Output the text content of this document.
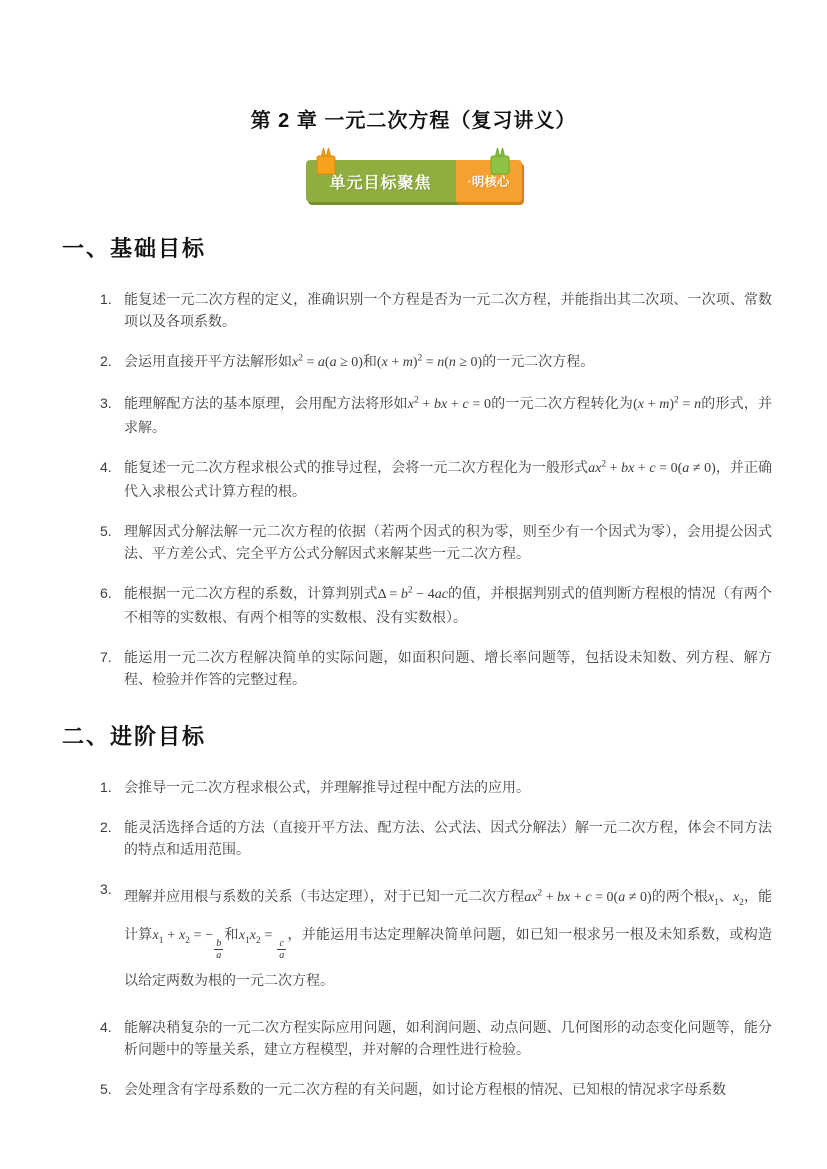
第 2 章 一元二次方程（复习讲义）
单元目标聚焦	·明核心
一、基础目标
1. 能复述一元二次方程的定义，准确识别一个方程是否为一元二次方程，并能指出其二次项、一次项、常数项以及各项系数。
2. 会运用直接开平方法解形如$x^2 = a(a \ge 0)$和$(x + m)^2 = n(n \ge 0)$的一元二次方程。
3. 能理解配方法的基本原理，会用配方法将形如$x^2$ + bx + c = 0的一元二次方程转化为$(x + m)^2 = n$的形式，并求解。
4. 能复述一元二次方程求根公式的推导过程，会将一元二次方程化为一般形式$ax^2$ + bx + c = 0(a ≠ 0)，并正确代入求根公式计算方程的根。
5. 理解因式分解法解一元二次方程的依据（若两个因式的积为零，则至少有一个因式为零），会用提公因式法、平方差公式、完全平方公式分解因式来解某些一元二次方程。
6. 能根据一元二次方程的系数，计算判别式$\Delta = b^2 - 4ac$的值，并根据判别式的值判断方程根的情况（有两个不相等的实数根、有两个相等的实数根、没有实数根）。
7. 能运用一元二次方程解决简单的实际问题，如面积问题、增长率问题等，包括设未知数、列方程、解方程、检验并作答的完整过程。
二、进阶目标
1. 会推导一元二次方程求根公式，并理解推导过程中配方法的应用。
2. 能灵活选择合适的方法（直接开平方法、配方法、公式法、因式分解法）解一元二次方程，体会不同方法的特点和适用范围。
3. 理解并应用根与系数的关系（韦达定理），对于已知一元二次方程$ax^2$ + bx + c = 0(a ≠ 0)的两个根$x_1$、$x_2$，能计算$x_1 + x_2$ = −
$\frac{b}{a}$
和$x_1x_2$ =
$\frac{c}{a}$
，并能运用韦达定理解决简单问题，如已知一根求另一根及未知系数，或构造以给定两数为根的一元二次方程。
4. 能解决稍复杂的一元二次方程实际应用问题，如利润问题、动点问题、几何图形的动态变化问题等，能分析问题中的等量关系，建立方程模型，并对解的合理性进行检验。
5. 会处理含有字母系数的一元二次方程的有关问题，如讨论方程根的情况、已知根的情况求字母系数
